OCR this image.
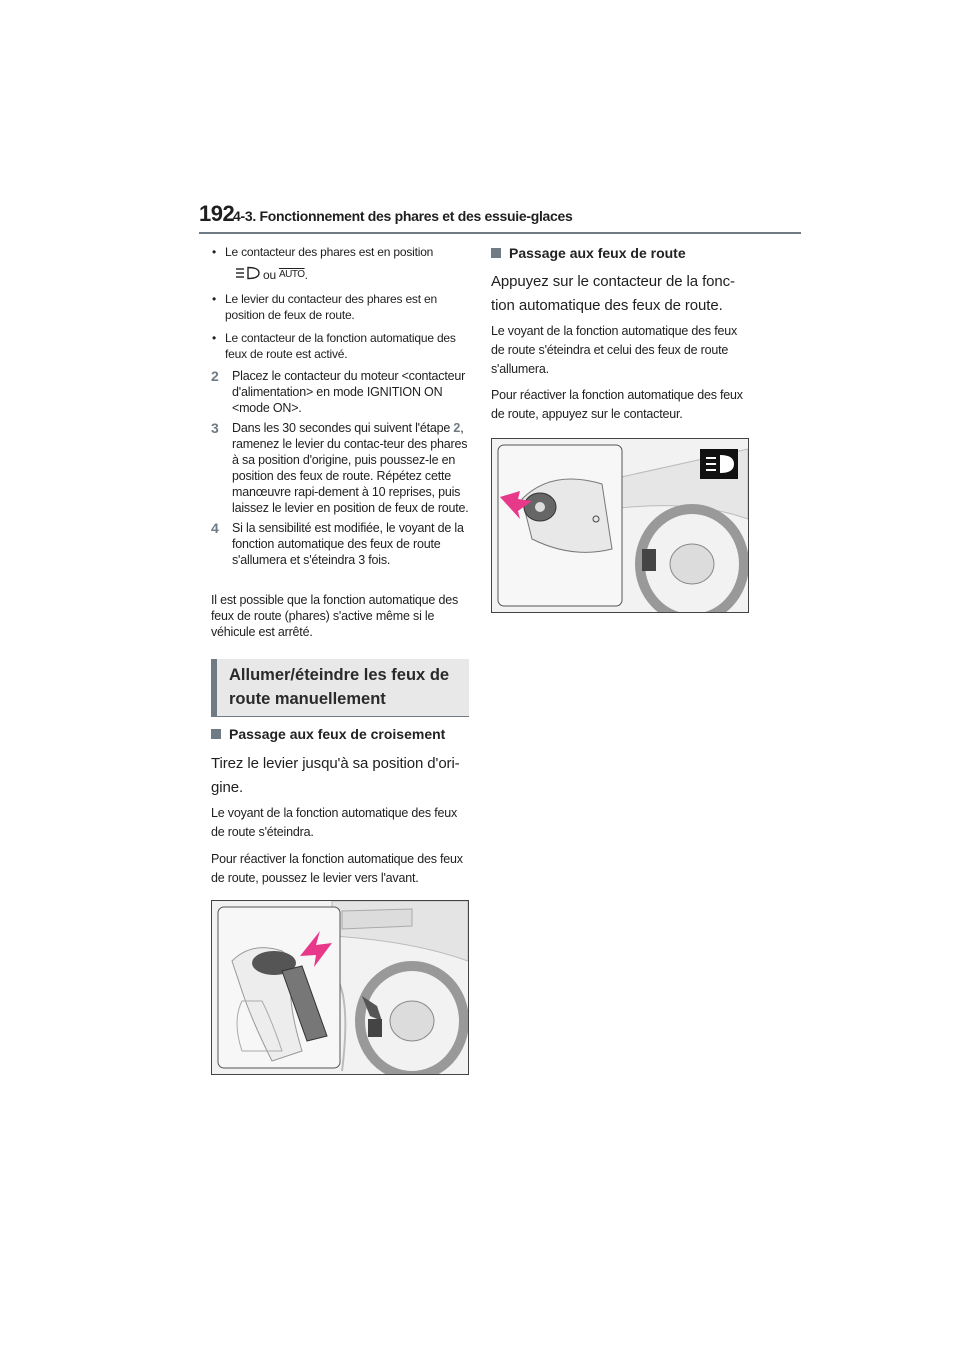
192
4-3. Fonctionnement des phares et des essuie-glaces
• Le contacteur des phares est en position
ou AUTO .
• Le levier du contacteur des phares est en position de feux de route.
• Le contacteur de la fonction automatique des feux de route est activé.
2 Placez le contacteur du moteur <contacteur d'alimentation> en mode IGNITION ON <mode ON>.
3 Dans les 30 secondes qui suivent l'étape 2, ramenez le levier du contac-teur des phares à sa position d'origine, puis poussez-le en position des feux de route. Répétez cette manœuvre rapi-dement à 10 reprises, puis laissez le levier en position de feux de route.
4 Si la sensibilité est modifiée, le voyant de la fonction automatique des feux de route s'allumera et s'éteindra 3 fois.

Il est possible que la fonction automatique des feux de route (phares) s'active même si le véhicule est arrêté.

Allumer/éteindre les feux de route manuellement
Passage aux feux de croisement

Tirez le levier jusqu'à sa position d'ori-gine.

Le voyant de la fonction automatique des feux de route s'éteindra.

Pour réactiver la fonction automatique des feux de route, poussez le levier vers l'avant.

Passage aux feux de route

Appuyez sur le contacteur de la fonc-tion automatique des feux de route.

Le voyant de la fonction automatique des feux de route s'éteindra et celui des feux de route s'allumera.

Pour réactiver la fonction automatique des feux de route, appuyez sur le contacteur.
